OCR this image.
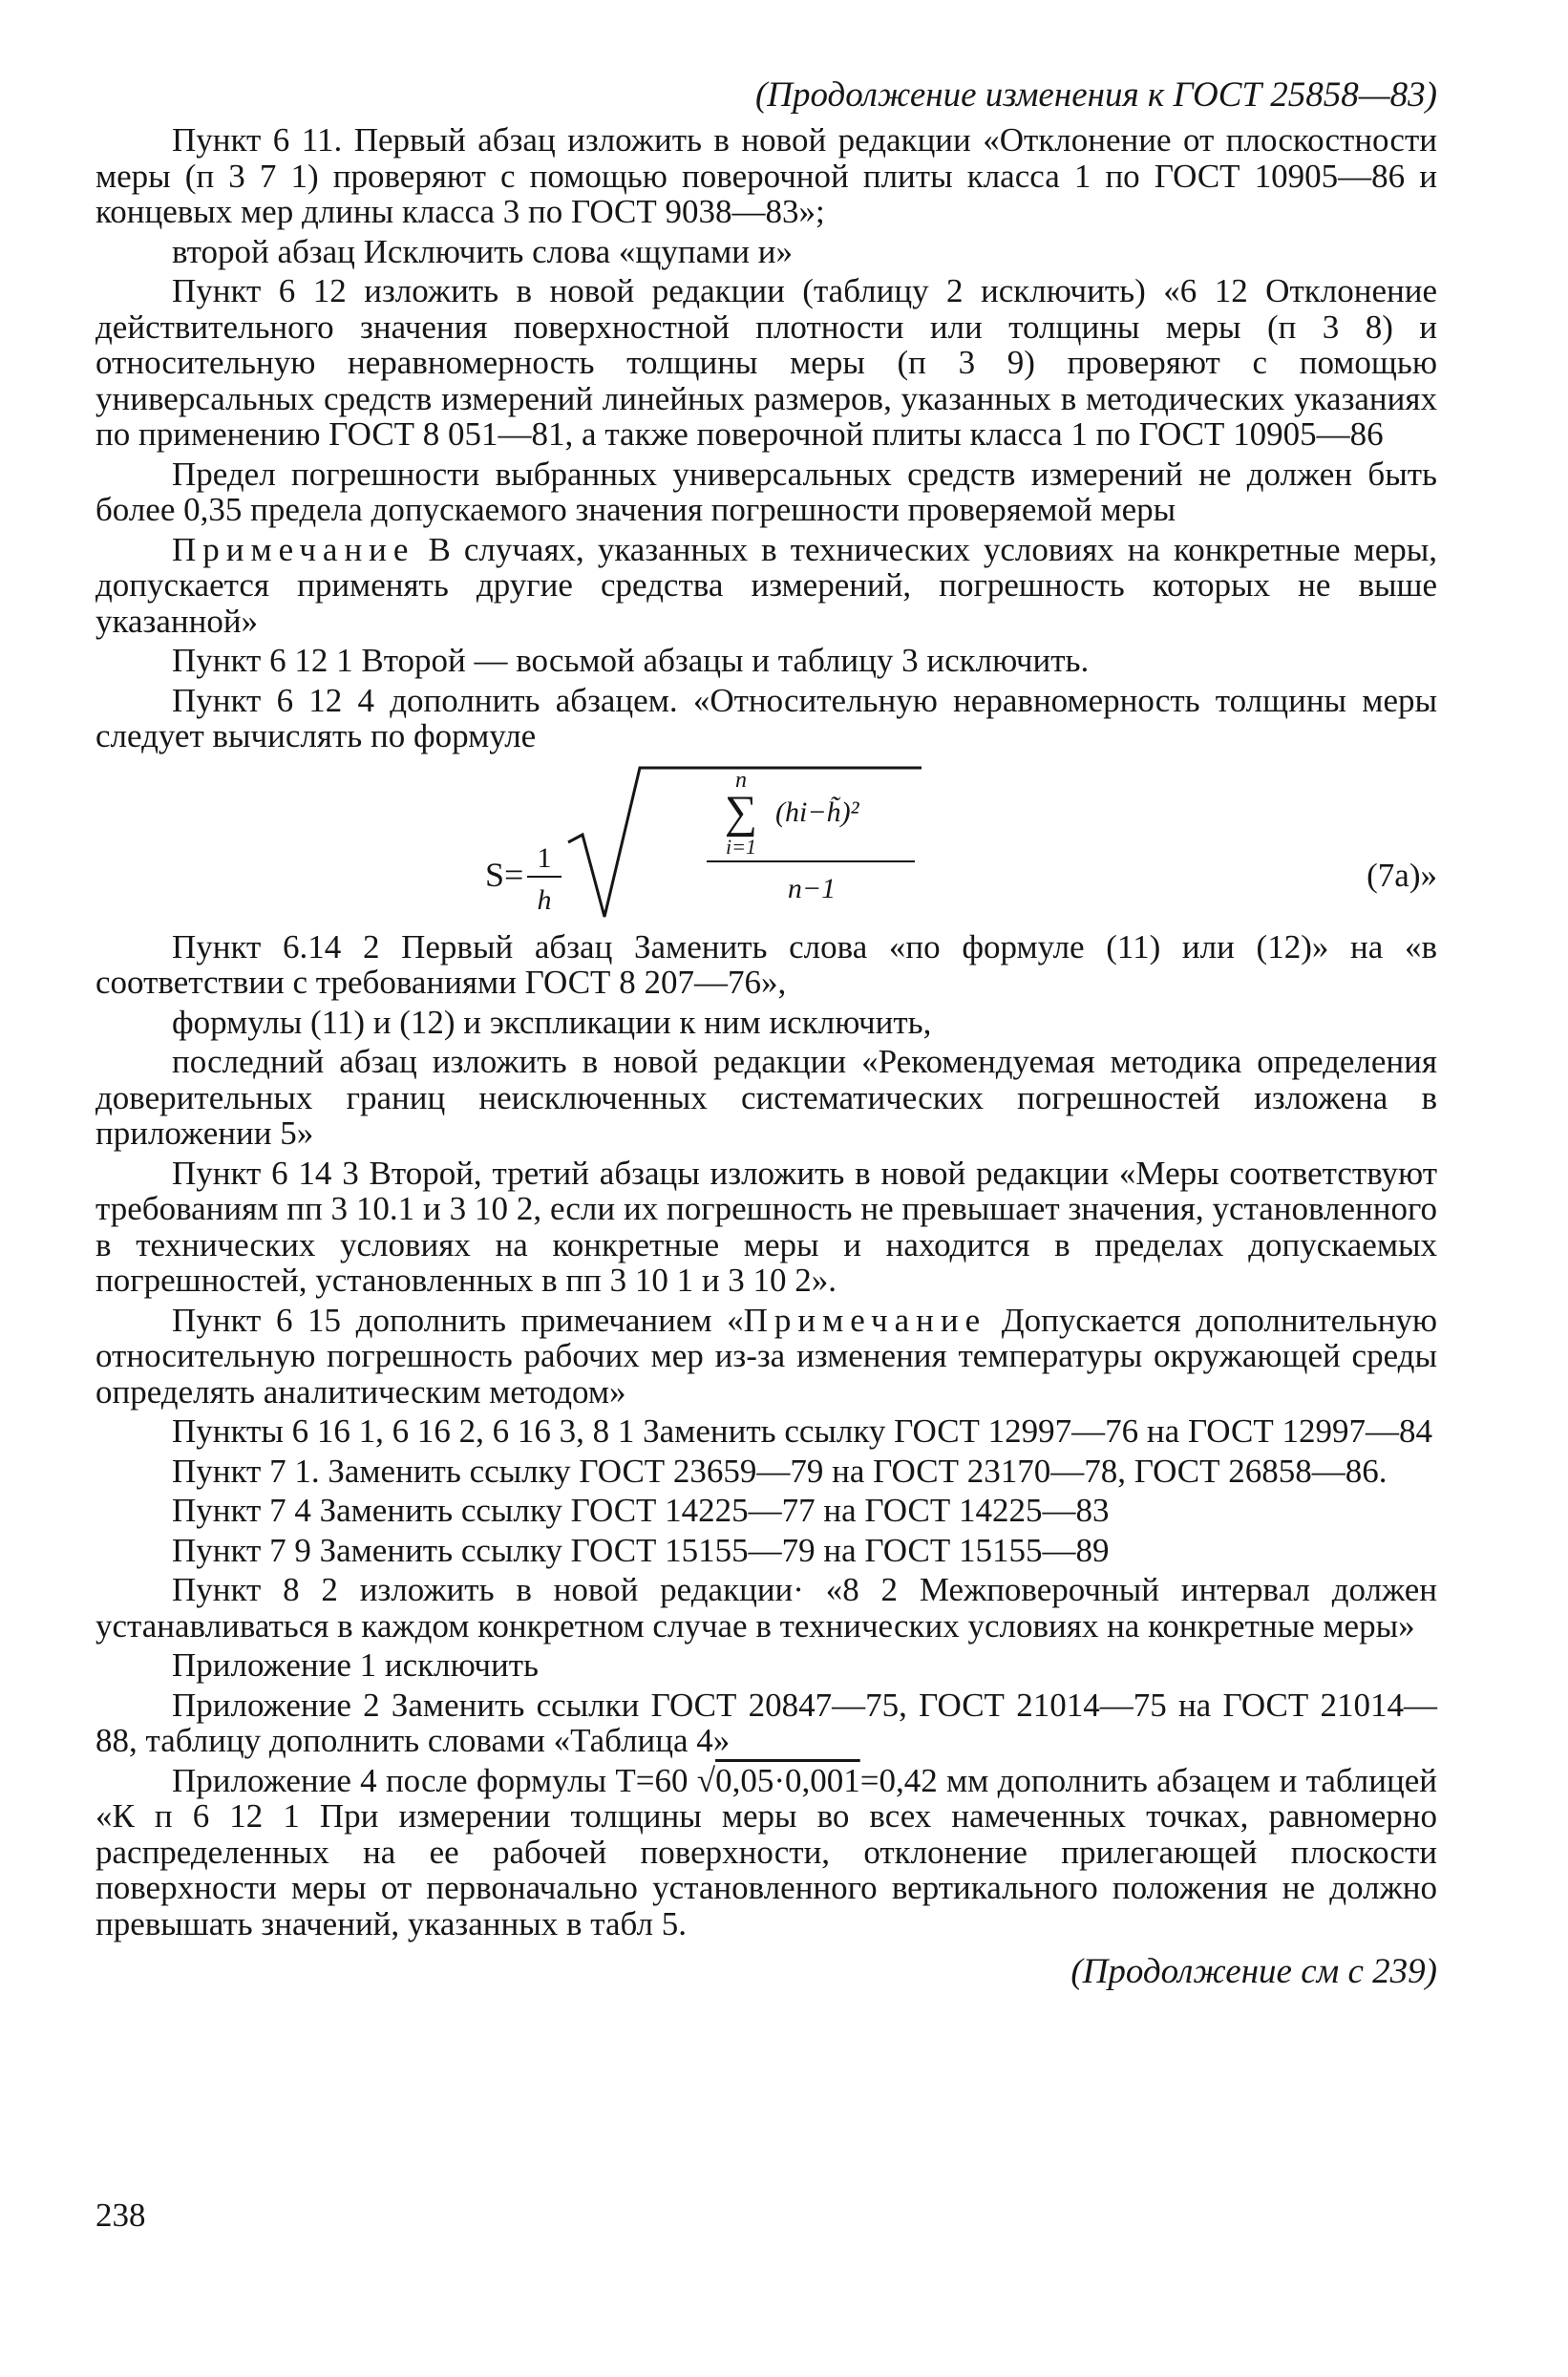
(Продолжение изменения к ГОСТ 25858—83)

Пункт 6 11. Первый абзац изложить в новой редакции «Отклонение от плоскостности меры (п 3 7 1) проверяют с помощью поверочной плиты класса 1 по ГОСТ 10905—86 и концевых мер длины класса 3 по ГОСТ 9038—83»;

второй абзац Исключить слова «щупами и»

Пункт 6 12 изложить в новой редакции (таблицу 2 исключить) «6 12 Отклонение действительного значения поверхностной плотности или толщины меры (п 3 8) и относительную неравномерность толщины меры (п 3 9) проверяют с помощью универсальных средств измерений линейных размеров, указанных в методических указаниях по применению ГОСТ 8 051—81, а также поверочной плиты класса 1 по ГОСТ 10905—86

Предел погрешности выбранных универсальных средств измерений не должен быть более 0,35 предела допускаемого значения погрешности проверяемой меры

Примечание В случаях, указанных в технических условиях на конкретные меры, допускается применять другие средства измерений, погрешность которых не выше указанной»

Пункт 6 12 1 Второй — восьмой абзацы и таблицу 3 исключить.

Пункт 6 12 4 дополнить абзацем. «Относительную неравномерность толщины меры следует вычислять по формуле

S= 1
h
n
∑
i=1
(hi−h̃)²
n−1	(7а)»

Пункт 6.14 2 Первый абзац Заменить слова «по формуле (11) или (12)» на «в соответствии с требованиями ГОСТ 8 207—76»,

формулы (11) и (12) и экспликации к ним исключить,

последний абзац изложить в новой редакции «Рекомендуемая методика определения доверительных границ неисключенных систематических погрешностей изложена в приложении 5»

Пункт 6 14 3 Второй, третий абзацы изложить в новой редакции «Меры соответствуют требованиям пп 3 10.1 и 3 10 2, если их погрешность не превышает значения, установленного в технических условиях на конкретные меры и находится в пределах допускаемых погрешностей, установленных в пп 3 10 1 и 3 10 2».

Пункт 6 15 дополнить примечанием «Примечание Допускается дополнительную относительную погрешность рабочих мер из-за изменения температуры окружающей среды определять аналитическим методом»

Пункты 6 16 1, 6 16 2, 6 16 3, 8 1 Заменить ссылку ГОСТ 12997—76 на ГОСТ 12997—84

Пункт 7 1. Заменить ссылку ГОСТ 23659—79 на ГОСТ 23170—78, ГОСТ 26858—86.

Пункт 7 4 Заменить ссылку ГОСТ 14225—77 на ГОСТ 14225—83

Пункт 7 9 Заменить ссылку ГОСТ 15155—79 на ГОСТ 15155—89

Пункт 8 2 изложить в новой редакции· «8 2 Межповерочный интервал должен устанавливаться в каждом конкретном случае в технических условиях на конкретные меры»

Приложение 1 исключить

Приложение 2 Заменить ссылки ГОСТ 20847—75, ГОСТ 21014—75 на ГОСТ 21014—88, таблицу дополнить словами «Таблица 4»

Приложение 4 после формулы T=60 √0,05·0,001=0,42 мм дополнить абзацем и таблицей «К п 6 12 1 При измерении толщины меры во всех намеченных точках, равномерно распределенных на ее рабочей поверхности, отклонение прилегающей плоскости поверхности меры от первоначально установленного вертикального положения не должно превышать значений, указанных в табл 5.

(Продолжение см с 239)
238
